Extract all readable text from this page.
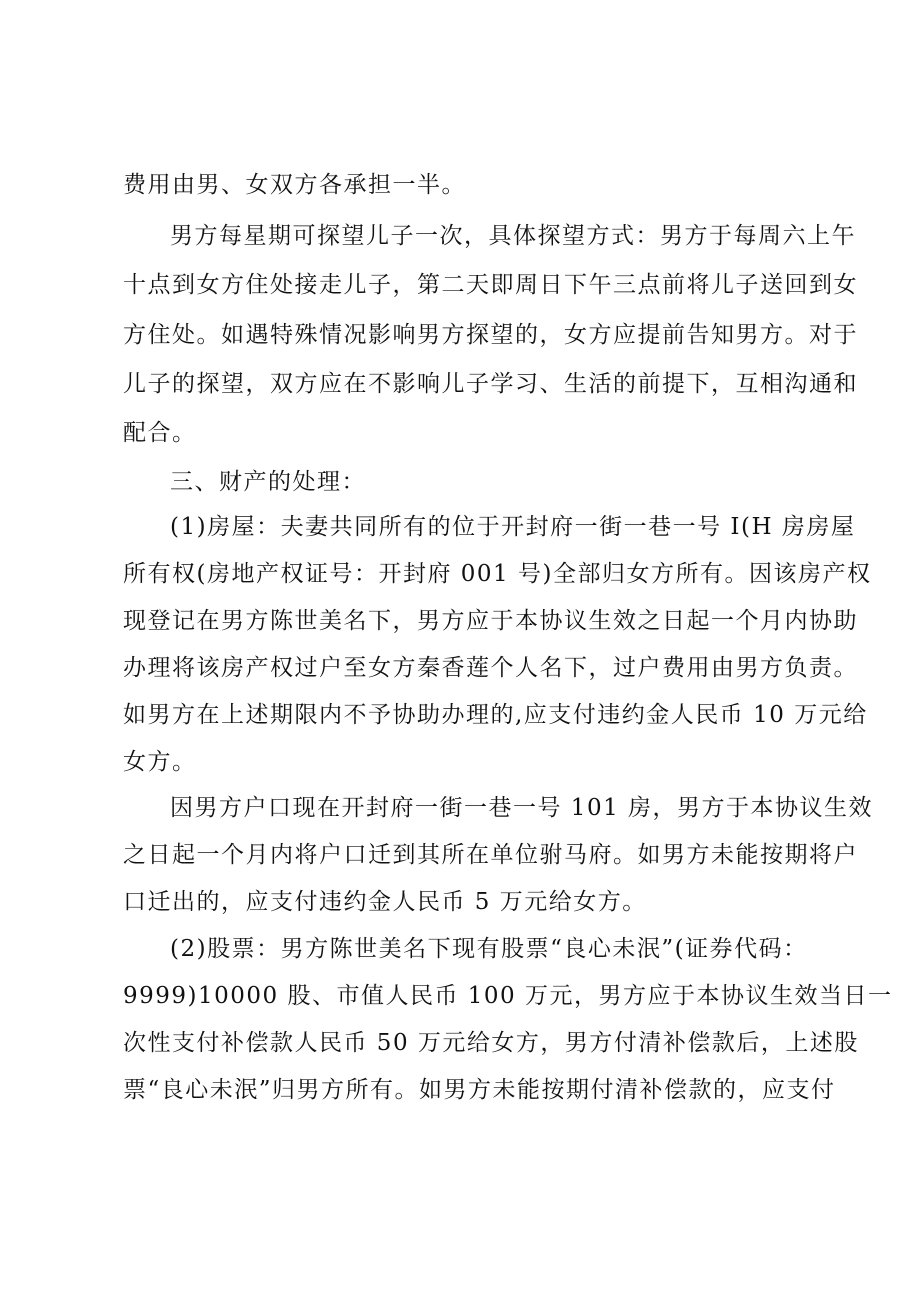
费用由男、女双方各承担一半。
男方每星期可探望儿子一次，具体探望方式：男方于每周六上午
十点到女方住处接走儿子，第二天即周日下午三点前将儿子送回到女
方住处。如遇特殊情况影响男方探望的，女方应提前告知男方。对于
儿子的探望，双方应在不影响儿子学习、生活的前提下，互相沟通和
配合。
三、财产的处理：
(1)房屋：夫妻共同所有的位于开封府一街一巷一号 I(H 房房屋
所有权(房地产权证号：开封府 001 号)全部归女方所有。因该房产权
现登记在男方陈世美名下，男方应于本协议生效之日起一个月内协助
办理将该房产权过户至女方秦香莲个人名下，过户费用由男方负责。
如男方在上述期限内不予协助办理的,应支付违约金人民币 10 万元给
女方。
因男方户口现在开封府一街一巷一号 101 房，男方于本协议生效
之日起一个月内将户口迁到其所在单位驸马府。如男方未能按期将户
口迁出的，应支付违约金人民币 5 万元给女方。
(2)股票：男方陈世美名下现有股票“良心未泯”(证券代码：
9999)10000 股、市值人民币 100 万元，男方应于本协议生效当日一
次性支付补偿款人民币 50 万元给女方，男方付清补偿款后，上述股
票“良心未泯”归男方所有。如男方未能按期付清补偿款的，应支付
